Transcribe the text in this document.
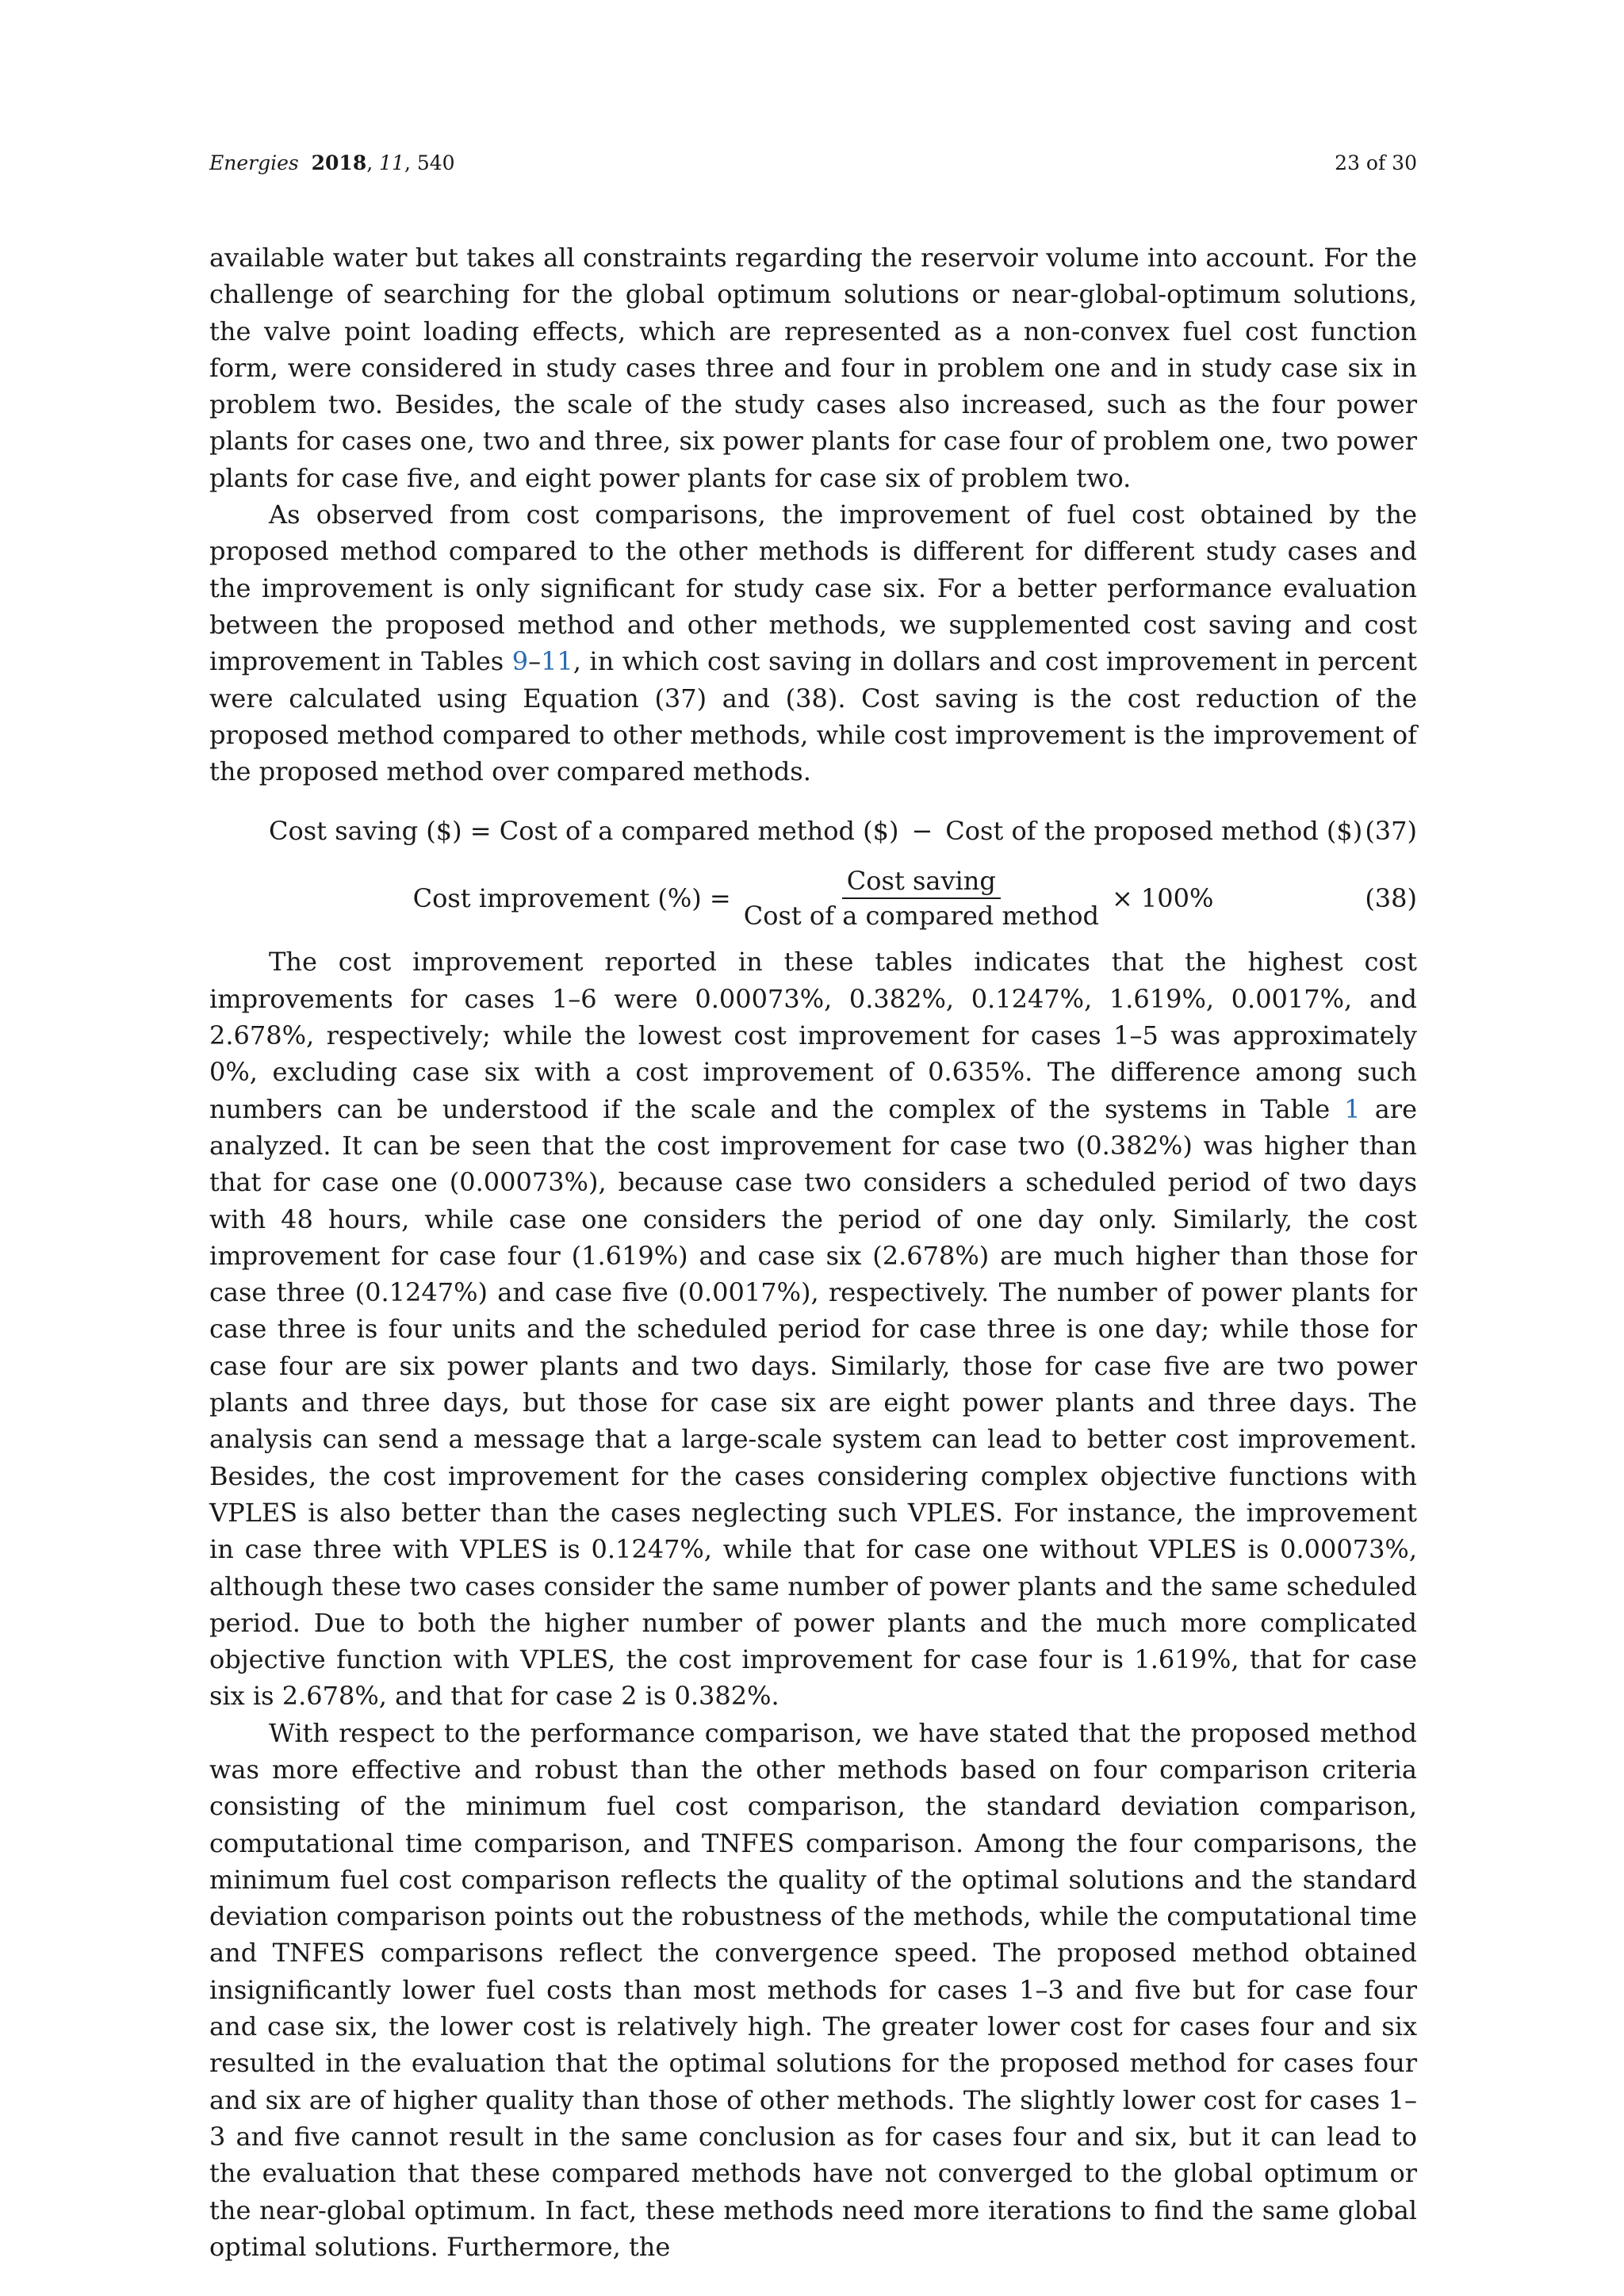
Energies 2018, 11, 540	23 of 30

available water but takes all constraints regarding the reservoir volume into account. For the challenge of searching for the global optimum solutions or near-global-optimum solutions, the valve point loading effects, which are represented as a non-convex fuel cost function form, were considered in study cases three and four in problem one and in study case six in problem two. Besides, the scale of the study cases also increased, such as the four power plants for cases one, two and three, six power plants for case four of problem one, two power plants for case five, and eight power plants for case six of problem two.

As observed from cost comparisons, the improvement of fuel cost obtained by the proposed method compared to the other methods is different for different study cases and the improvement is only significant for study case six. For a better performance evaluation between the proposed method and other methods, we supplemented cost saving and cost improvement in Tables 9–11, in which cost saving in dollars and cost improvement in percent were calculated using Equation (37) and (38). Cost saving is the cost reduction of the proposed method compared to other methods, while cost improvement is the improvement of the proposed method over compared methods.

Cost saving ($) = Cost of a compared method ($) − Cost of the proposed method ($) (37)
Cost improvement (%) = $\frac{\text{Cost saving}}{\text{Cost of a compared method}} \times 100\%$	(38)

The cost improvement reported in these tables indicates that the highest cost improvements for cases 1–6 were 0.00073%, 0.382%, 0.1247%, 1.619%, 0.0017%, and 2.678%, respectively; while the lowest cost improvement for cases 1–5 was approximately 0%, excluding case six with a cost improvement of 0.635%. The difference among such numbers can be understood if the scale and the complex of the systems in Table 1 are analyzed. It can be seen that the cost improvement for case two (0.382%) was higher than that for case one (0.00073%), because case two considers a scheduled period of two days with 48 hours, while case one considers the period of one day only. Similarly, the cost improvement for case four (1.619%) and case six (2.678%) are much higher than those for case three (0.1247%) and case five (0.0017%), respectively. The number of power plants for case three is four units and the scheduled period for case three is one day; while those for case four are six power plants and two days. Similarly, those for case five are two power plants and three days, but those for case six are eight power plants and three days. The analysis can send a message that a large-scale system can lead to better cost improvement. Besides, the cost improvement for the cases considering complex objective functions with VPLES is also better than the cases neglecting such VPLES. For instance, the improvement in case three with VPLES is 0.1247%, while that for case one without VPLES is 0.00073%, although these two cases consider the same number of power plants and the same scheduled period. Due to both the higher number of power plants and the much more complicated objective function with VPLES, the cost improvement for case four is 1.619%, that for case six is 2.678%, and that for case 2 is 0.382%.

With respect to the performance comparison, we have stated that the proposed method was more effective and robust than the other methods based on four comparison criteria consisting of the minimum fuel cost comparison, the standard deviation comparison, computational time comparison, and TNFES comparison. Among the four comparisons, the minimum fuel cost comparison reflects the quality of the optimal solutions and the standard deviation comparison points out the robustness of the methods, while the computational time and TNFES comparisons reflect the convergence speed. The proposed method obtained insignificantly lower fuel costs than most methods for cases 1–3 and five but for case four and case six, the lower cost is relatively high. The greater lower cost for cases four and six resulted in the evaluation that the optimal solutions for the proposed method for cases four and six are of higher quality than those of other methods. The slightly lower cost for cases 1–3 and five cannot result in the same conclusion as for cases four and six, but it can lead to the evaluation that these compared methods have not converged to the global optimum or the near-global optimum. In fact, these methods need more iterations to find the same global optimal solutions. Furthermore, the
